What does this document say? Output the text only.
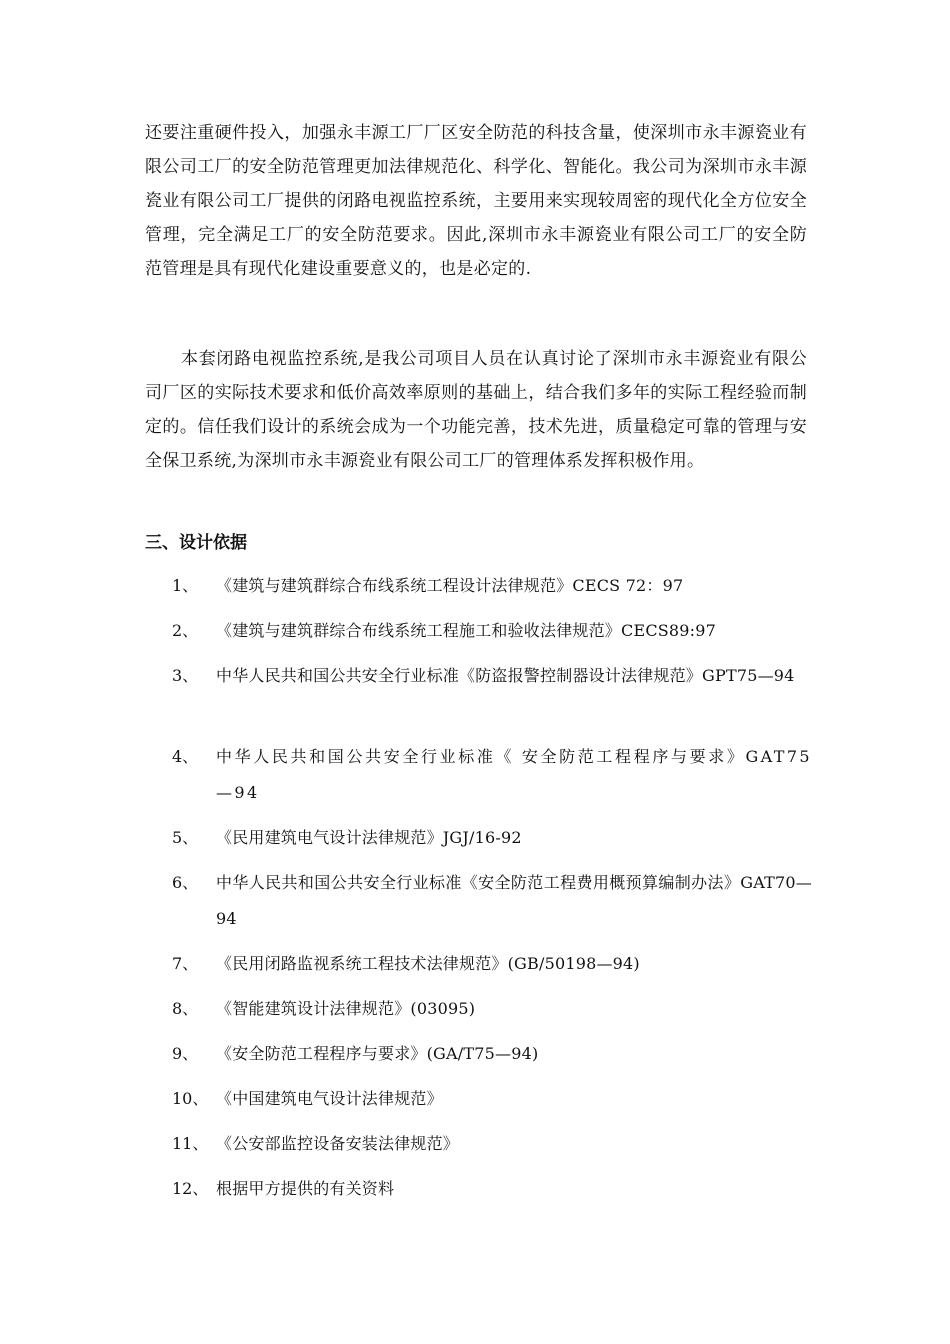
还要注重硬件投入，加强永丰源工厂厂区安全防范的科技含量，使深圳市永丰源瓷业有限公司工厂的安全防范管理更加法律规范化、科学化、智能化。我公司为深圳市永丰源瓷业有限公司工厂提供的闭路电视监控系统，主要用来实现较周密的现代化全方位安全管理，完全满足工厂的安全防范要求。因此,深圳市永丰源瓷业有限公司工厂的安全防范管理是具有现代化建设重要意义的，也是必定的.

本套闭路电视监控系统,是我公司项目人员在认真讨论了深圳市永丰源瓷业有限公司厂区的实际技术要求和低价高效率原则的基础上，结合我们多年的实际工程经验而制定的。信任我们设计的系统会成为一个功能完善，技术先进，质量稳定可靠的管理与安全保卫系统,为深圳市永丰源瓷业有限公司工厂的管理体系发挥积极作用。

三、设计依据
1、	《建筑与建筑群综合布线系统工程设计法律规范》CECS 72：97
2、	《建筑与建筑群综合布线系统工程施工和验收法律规范》CECS89:97
3、	中华人民共和国公共安全行业标准《防盗报警控制器设计法律规范》GPT75—94
4、	中华人民共和国公共安全行业标准《 安全防范工程程序与要求》GAT75—94
5、	《民用建筑电气设计法律规范》JGJ/16-92
6、	中华人民共和国公共安全行业标准《安全防范工程费用概预算编制办法》GAT70—94
7、	《民用闭路监视系统工程技术法律规范》(GB/50198—94)
8、	《智能建筑设计法律规范》(03095)
9、	《安全防范工程程序与要求》(GA/T75—94)
10、 《中国建筑电气设计法律规范》
11、 《公安部监控设备安装法律规范》
12、 根据甲方提供的有关资料
